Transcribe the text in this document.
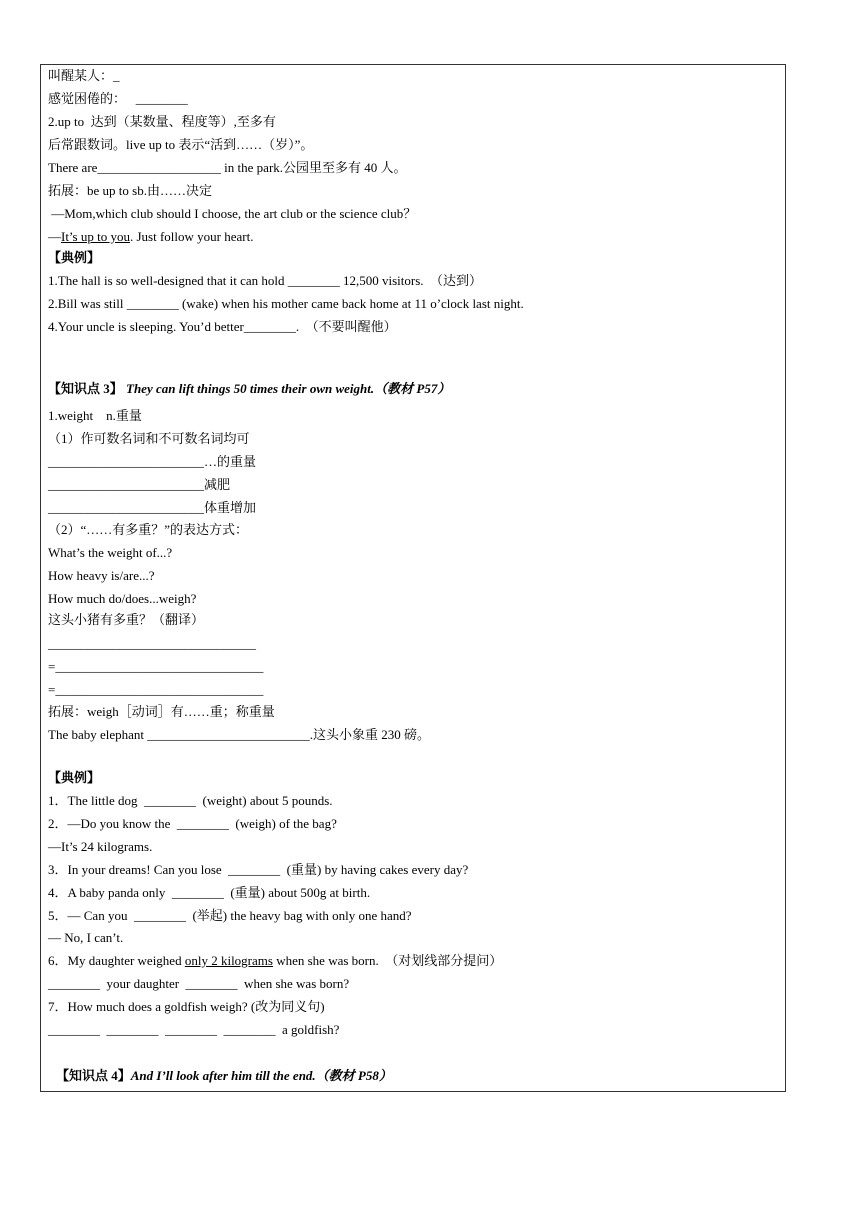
叫醒某人：_
感觉困倦的：   ________
2.up to  达到（某数量、程度等）,至多有
后常跟数词。live up to 表示“活到……（岁）”。
There are___________________ in the park.公园里至多有 40 人。
拓展：be up to sb.由……决定
—Mom,which club should I choose, the art club or the science club？
【典例】
1.The hall is so well-designed that it can hold ________ 12,500 visitors.  （达到）
2.Bill was still ________ (wake) when his mother came back home at 11 o’clock last night.
4.Your uncle is sleeping. You’d better________.  （不要叫醒他）
1.weight    n.重量
（1）作可数名词和不可数名词均可
________________________…的重量
________________________减肥
________________________体重增加
（2）“……有多重？”的表达方式：
What’s the weight of...?
How heavy is/are...?
How much do/does...weigh?
这头小猪有多重？（翻译）
________________________________
=________________________________
=________________________________
拓展：weigh［动词］有……重；称重量
The baby elephant _________________________.这头小象重 230 磅。
【典例】
1．The little dog  ________  (weight) about 5 pounds.
2．—Do you know the  ________  (weigh) of the bag?
—It’s 24 kilograms.
3．In your dreams! Can you lose  ________  (重量) by having cakes every day?
4．A baby panda only  ________  (重量) about 500g at birth.
5．— Can you  ________  (举起) the heavy bag with only one hand?
— No, I can’t.
________  your daughter  ________  when she was born?
7．How much does a goldfish weigh? (改为同义句)
________  ________  ________  ________  a goldfish?
—It’s up to you. Just follow your heart.
【知识点 3】 They can lift things 50 times their own weight.（教材 P57）
6．My daughter weighed only 2 kilograms when she was born.  （对划线部分提问）
【知识点 4】And I’ll look after him till the end.（教材 P58）
